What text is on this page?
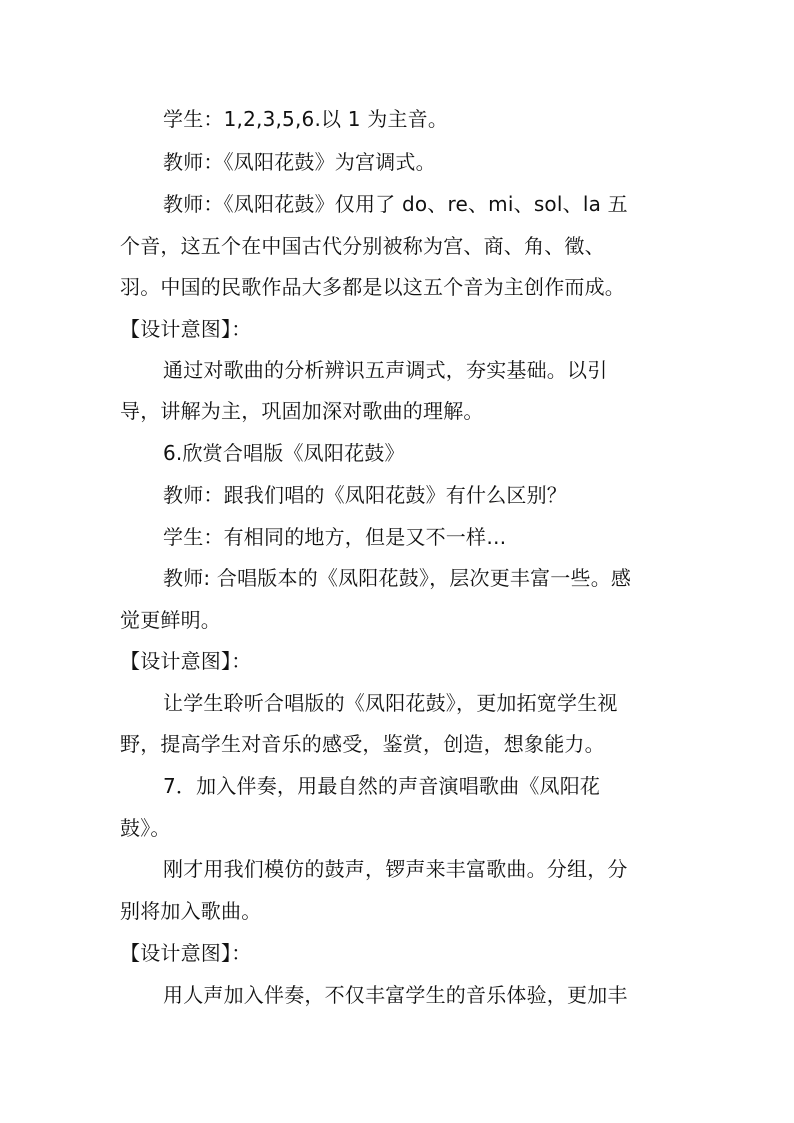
学生：1,2,3,5,6.以 1 为主音。
教师：《凤阳花鼓》为宫调式。
教师：《凤阳花鼓》仅用了 do、re、mi、sol、la 五
个音，这五个在中国古代分别被称为宫、商、角、徵、
羽。中国的民歌作品大多都是以这五个音为主创作而成。
【设计意图】：
通过对歌曲的分析辨识五声调式，夯实基础。以引
导，讲解为主，巩固加深对歌曲的理解。
6.欣赏合唱版《凤阳花鼓》
教师：跟我们唱的《凤阳花鼓》有什么区别？
学生：有相同的地方，但是又不一样…
教师: 合唱版本的《凤阳花鼓》，层次更丰富一些。感
觉更鲜明。
【设计意图】：
让学生聆听合唱版的《凤阳花鼓》，更加拓宽学生视
野，提高学生对音乐的感受，鉴赏，创造，想象能力。
7．加入伴奏，用最自然的声音演唱歌曲《凤阳花
鼓》。
刚才用我们模仿的鼓声，锣声来丰富歌曲。分组，分
别将加入歌曲。
【设计意图】：
用人声加入伴奏，不仅丰富学生的音乐体验，更加丰
